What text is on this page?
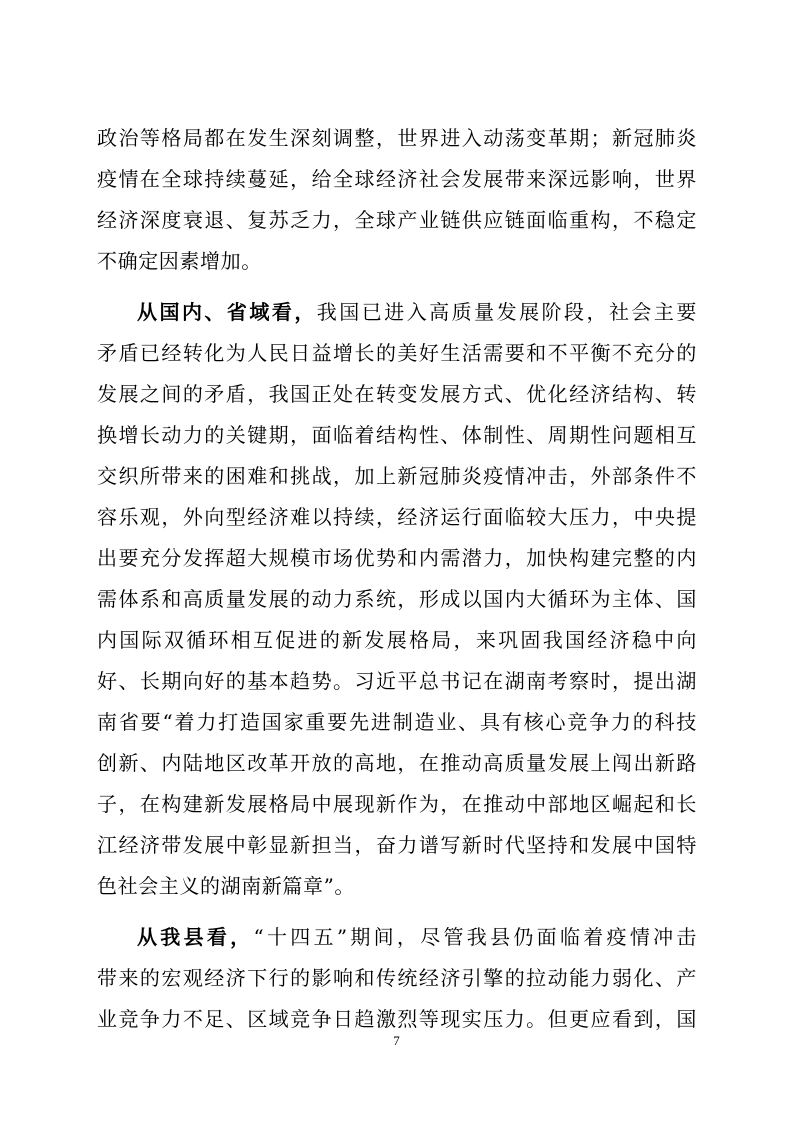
政治等格局都在发生深刻调整，世界进入动荡变革期；新冠肺炎
疫情在全球持续蔓延，给全球经济社会发展带来深远影响，世界
经济深度衰退、复苏乏力，全球产业链供应链面临重构，不稳定
不确定因素增加。
从国内、省域看，我国已进入高质量发展阶段，社会主要
矛盾已经转化为人民日益增长的美好生活需要和不平衡不充分的
发展之间的矛盾，我国正处在转变发展方式、优化经济结构、转
换增长动力的关键期，面临着结构性、体制性、周期性问题相互
交织所带来的困难和挑战，加上新冠肺炎疫情冲击，外部条件不
容乐观，外向型经济难以持续，经济运行面临较大压力，中央提
出要充分发挥超大规模市场优势和内需潜力，加快构建完整的内
需体系和高质量发展的动力系统，形成以国内大循环为主体、国
内国际双循环相互促进的新发展格局，来巩固我国经济稳中向
好、长期向好的基本趋势。习近平总书记在湖南考察时，提出湖
南省要“着力打造国家重要先进制造业、具有核心竞争力的科技
创新、内陆地区改革开放的高地，在推动高质量发展上闯出新路
子，在构建新发展格局中展现新作为，在推动中部地区崛起和长
江经济带发展中彰显新担当，奋力谱写新时代坚持和发展中国特
色社会主义的湖南新篇章”。
从我县看，“十四五”期间，尽管我县仍面临着疫情冲击
带来的宏观经济下行的影响和传统经济引擎的拉动能力弱化、产
业竞争力不足、区域竞争日趋激烈等现实压力。但更应看到，国
7
